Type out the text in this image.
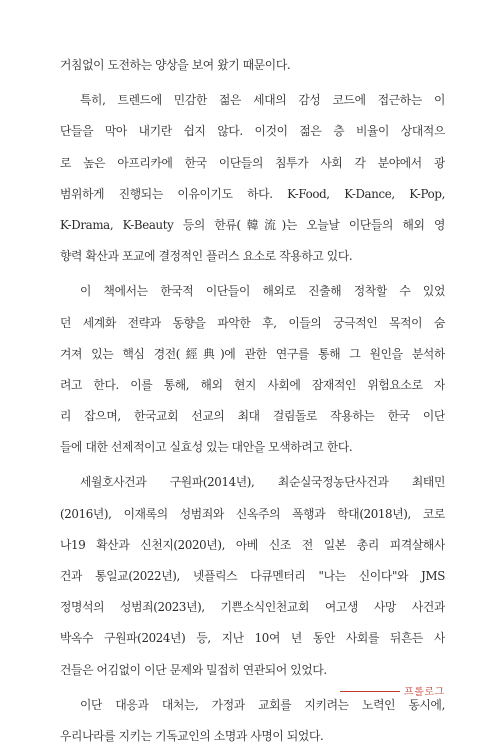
거침없이 도전하는 양상을 보여 왔기 때문이다.
특히, 트렌드에 민감한 젊은 세대의 감성 코드에 접근하는 이
단들을 막아 내기란 쉽지 않다. 이것이 젊은 층 비율이 상대적으
로 높은 아프리카에 한국 이단들의 침투가 사회 각 분야에서 광
범위하게 진행되는 이유이기도 하다. K-Food, K-Dance, K-Pop,
K-Drama, K-Beauty 등의 한류(韓流)는 오늘날 이단들의 해외 영
향력 확산과 포교에 결정적인 플러스 요소로 작용하고 있다.
이 책에서는 한국적 이단들이 해외로 진출해 정착할 수 있었
던 세계화 전략과 동향을 파악한 후, 이들의 궁극적인 목적이 숨
겨져 있는 핵심 경전(經典)에 관한 연구를 통해 그 원인을 분석하
려고 한다. 이를 통해, 해외 현지 사회에 잠재적인 위험요소로 자
리 잡으며, 한국교회 선교의 최대 걸림돌로 작용하는 한국 이단
들에 대한 선제적이고 실효성 있는 대안을 모색하려고 한다.
세월호사건과 구원파(2014년), 최순실국정농단사건과 최태민
(2016년), 이재록의 성범죄와 신옥주의 폭행과 학대(2018년), 코로
나19 확산과 신천지(2020년), 아베 신조 전 일본 총리 피격살해사
건과 통일교(2022년), 넷플릭스 다큐멘터리 "나는 신이다"와 JMS
정명석의 성범죄(2023년), 기쁜소식인천교회 여고생 사망 사건과
박옥수 구원파(2024년) 등, 지난 10여 년 동안 사회를 뒤흔든 사
건들은 어김없이 이단 문제와 밀접히 연관되어 있었다.
이단 대응과 대처는, 가정과 교회를 지키려는 노력인 동시에,
우리나라를 지키는 기독교인의 소명과 사명이 되었다.
프롤로그
